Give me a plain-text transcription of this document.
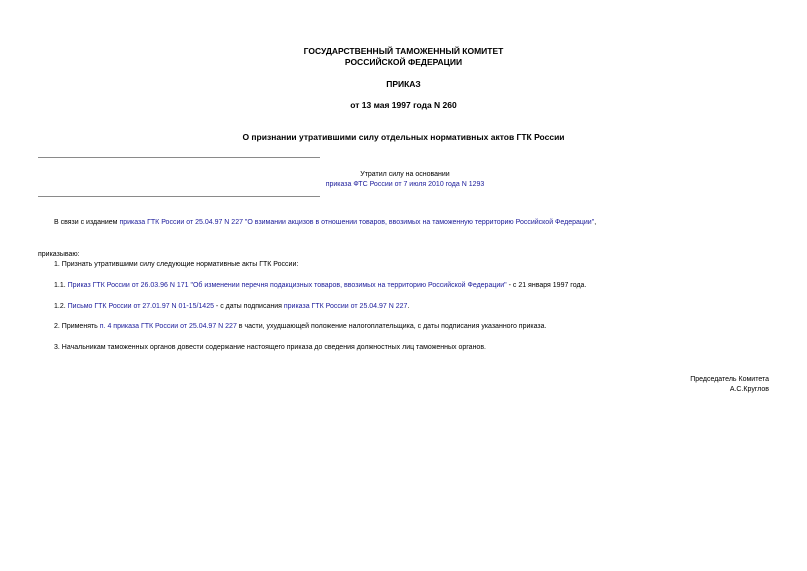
ГОСУДАРСТВЕННЫЙ ТАМОЖЕННЫЙ КОМИТЕТ
РОССИЙСКОЙ ФЕДЕРАЦИИ
ПРИКАЗ
от 13 мая 1997 года N 260
О признании утратившими силу отдельных нормативных актов ГТК России
Утратил силу на основании
приказа ФТС России от 7 июля 2010 года N 1293
В связи с изданием приказа ГТК России от 25.04.97 N 227 "О взимании акцизов в отношении товаров, ввозимых на таможенную территорию Российской Федерации",
приказываю:
1. Признать утратившими силу следующие нормативные акты ГТК России:
1.1. Приказ ГТК России от 26.03.96 N 171 "Об изменении перечня подакцизных товаров, ввозимых на территорию Российской Федерации" - с 21 января 1997 года.
1.2. Письмо ГТК России от 27.01.97 N 01-15/1425 - с даты подписания приказа ГТК России от 25.04.97 N 227.
2. Применять п. 4 приказа ГТК России от 25.04.97 N 227 в части, ухудшающей положение налогоплательщика, с даты подписания указанного приказа.
3. Начальникам таможенных органов довести содержание настоящего приказа до сведения должностных лиц таможенных органов.
Председатель Комитета
А.С.Круглов
